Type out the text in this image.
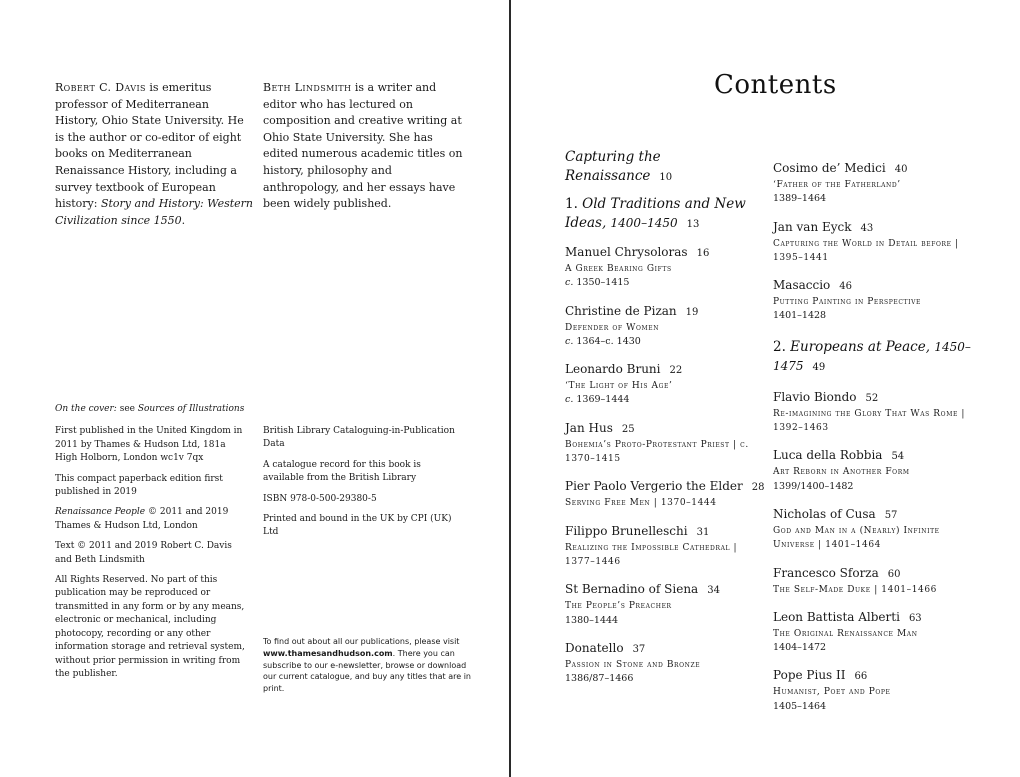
Robert C. Davis is emeritus professor of Mediterranean History, Ohio State University. He is the author or co-editor of eight books on Mediterranean Renaissance History, including a survey textbook of European history: Story and History: Western Civilization since 1550.

Beth Lindsmith is a writer and editor who has lectured on composition and creative writing at Ohio State University. She has edited numerous academic titles on history, philosophy and anthropology, and her essays have been widely published.

On the cover: see Sources of Illustrations

First published in the United Kingdom in 2011 by Thames & Hudson Ltd, 181a High Holborn, London wc1v 7qx

This compact paperback edition first published in 2019

Renaissance People © 2011 and 2019 Thames & Hudson Ltd, London

Text © 2011 and 2019 Robert C. Davis and Beth Lindsmith

All Rights Reserved. No part of this publication may be reproduced or transmitted in any form or by any means, electronic or mechanical, including photocopy, recording or any other information storage and retrieval system, without prior permission in writing from the publisher.

British Library Cataloguing-in-Publication Data

A catalogue record for this book is available from the British Library

ISBN 978-0-500-29380-5

Printed and bound in the UK by CPI (UK) Ltd

To find out about all our publications, please visit www.thamesandhudson.com. There you can subscribe to our e-newsletter, browse or download our current catalogue, and buy any titles that are in print.

Contents
Capturing the Renaissance 10
1. Old Traditions and New Ideas, 1400–1450 13
Manuel Chrysoloras 16
A Greek Bearing Gifts
c. 1350–1415
Christine de Pizan 19
Defender of Women
c. 1364–c. 1430
Leonardo Bruni 22
‘The Light of His Age’
c. 1369–1444
Jan Hus 25
Bohemia’s Proto-Protestant Priest | c. 1370–1415
Pier Paolo Vergerio the Elder 28
Serving Free Men | 1370–1444
Filippo Brunelleschi 31
Realizing the Impossible Cathedral | 1377–1446
St Bernadino of Siena 34
The People’s Preacher
1380–1444
Donatello 37
Passion in Stone and Bronze
1386/87–1466
Cosimo de’ Medici 40
‘Father of the Fatherland’
1389–1464
Jan van Eyck 43
Capturing the World in Detail before | 1395–1441
Masaccio 46
Putting Painting in Perspective
1401–1428
2. Europeans at Peace, 1450–1475 49
Flavio Biondo 52
Re-imagining the Glory That Was Rome | 1392–1463
Luca della Robbia 54
Art Reborn in Another Form
1399/1400–1482
Nicholas of Cusa 57
God and Man in a (Nearly) Infinite Universe | 1401–1464
Francesco Sforza 60
The Self-Made Duke | 1401–1466
Leon Battista Alberti 63
The Original Renaissance Man
1404–1472
Pope Pius II 66
Humanist, Poet and Pope
1405–1464
